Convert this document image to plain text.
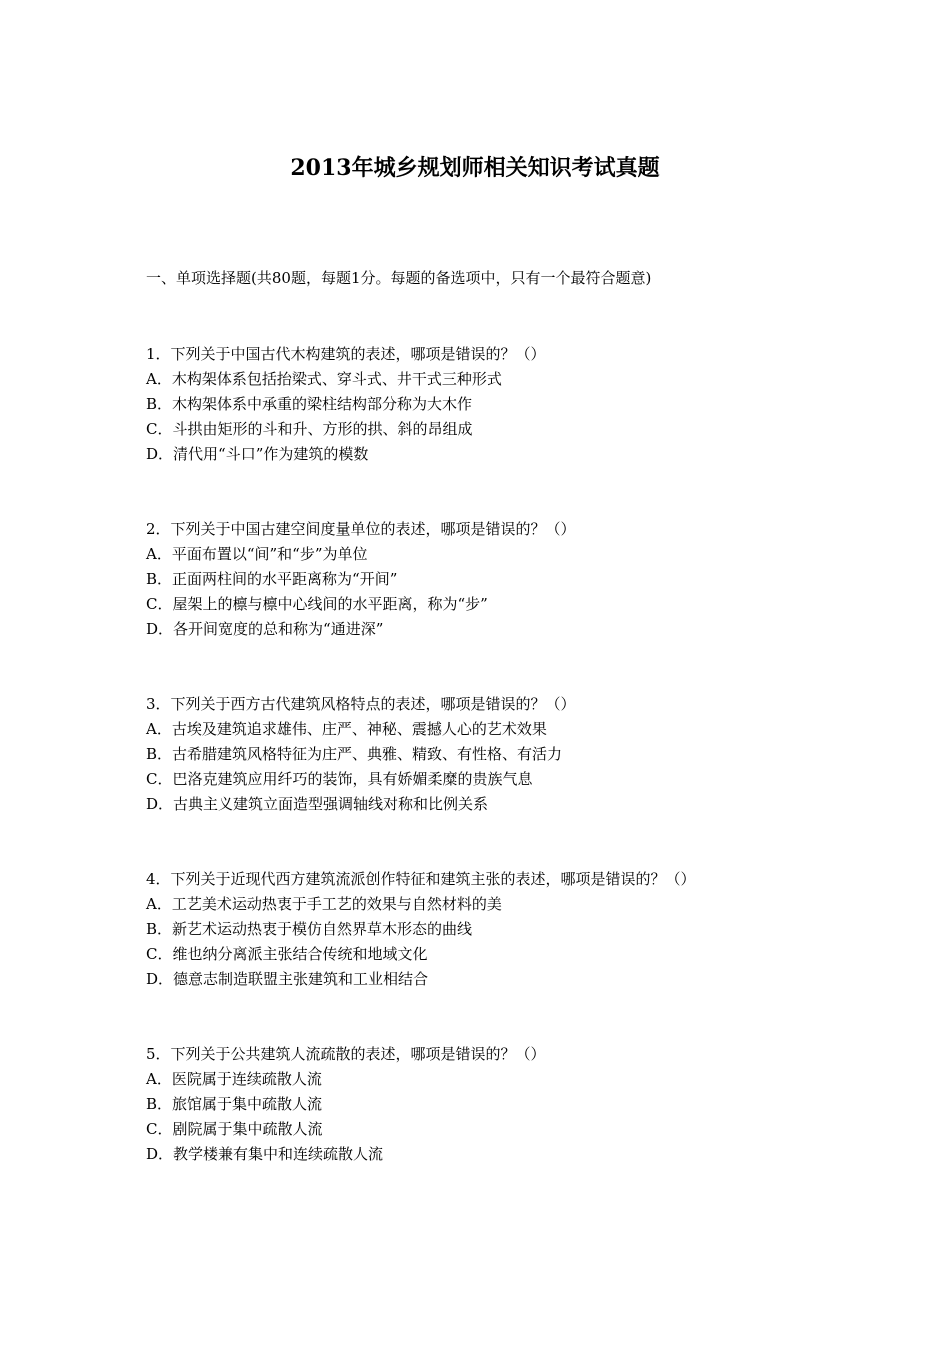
2013年城乡规划师相关知识考试真题

一、单项选择题(共80题，每题1分。每题的备选项中，只有一个最符合题意)

1．下列关于中国古代木构建筑的表述，哪项是错误的？（）
A．木构架体系包括抬梁式、穿斗式、井干式三种形式
B．木构架体系中承重的梁柱结构部分称为大木作
C．斗拱由矩形的斗和升、方形的拱、斜的昂组成
D．清代用“斗口”作为建筑的模数
2．下列关于中国古建空间度量单位的表述，哪项是错误的？（）
A．平面布置以“间”和“步”为单位
B．正面两柱间的水平距离称为“开间”
C．屋架上的檩与檩中心线间的水平距离，称为“步”
D．各开间宽度的总和称为“通进深”
3．下列关于西方古代建筑风格特点的表述，哪项是错误的？（）
A．古埃及建筑追求雄伟、庄严、神秘、震撼人心的艺术效果
B．古希腊建筑风格特征为庄严、典雅、精致、有性格、有活力
C．巴洛克建筑应用纤巧的装饰，具有娇媚柔糜的贵族气息
D．古典主义建筑立面造型强调轴线对称和比例关系
4．下列关于近现代西方建筑流派创作特征和建筑主张的表述，哪项是错误的？（）
A．工艺美术运动热衷于手工艺的效果与自然材料的美
B．新艺术运动热衷于模仿自然界草木形态的曲线
C．维也纳分离派主张结合传统和地域文化
D．德意志制造联盟主张建筑和工业相结合
5．下列关于公共建筑人流疏散的表述，哪项是错误的？（）
A．医院属于连续疏散人流
B．旅馆属于集中疏散人流
C．剧院属于集中疏散人流
D．教学楼兼有集中和连续疏散人流
